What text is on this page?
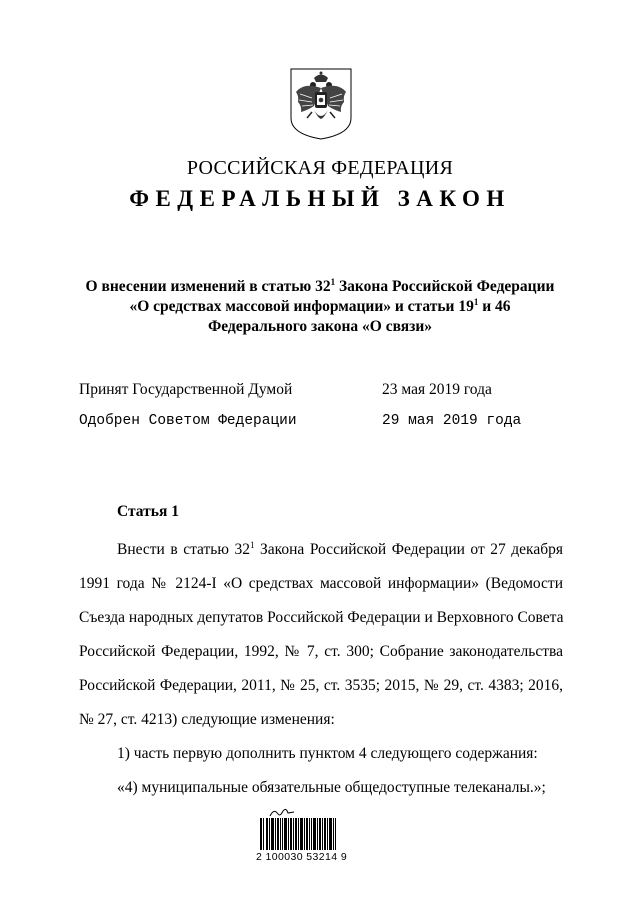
РОССИЙСКАЯ ФЕДЕРАЦИЯ
ФЕДЕРАЛЬНЫЙ ЗАКОН
О внесении изменений в статью $32^1$ Закона Российской Федерации
«О средствах массовой информации» и статьи $19^1$ и 46
Федерального закона «О связи»
Принят Государственной Думой	23 мая 2019 года
Одобрен Советом Федерации	29 мая 2019 года
Статья 1
Внести в статью $32^1$ Закона Российской Федерации от 27 декабря
1991 года № 2124-I «О средствах массовой информации» (Ведомости
Съезда народных депутатов Российской Федерации и Верховного Совета
Российской Федерации, 1992, № 7, ст. 300; Собрание законодательства
Российской Федерации, 2011, № 25, ст. 3535; 2015, № 29, ст. 4383; 2016,
№ 27, ст. 4213) следующие изменения:
1) часть первую дополнить пунктом 4 следующего содержания:
«4) муниципальные обязательные общедоступные телеканалы.»;
2 100030 53214 9
